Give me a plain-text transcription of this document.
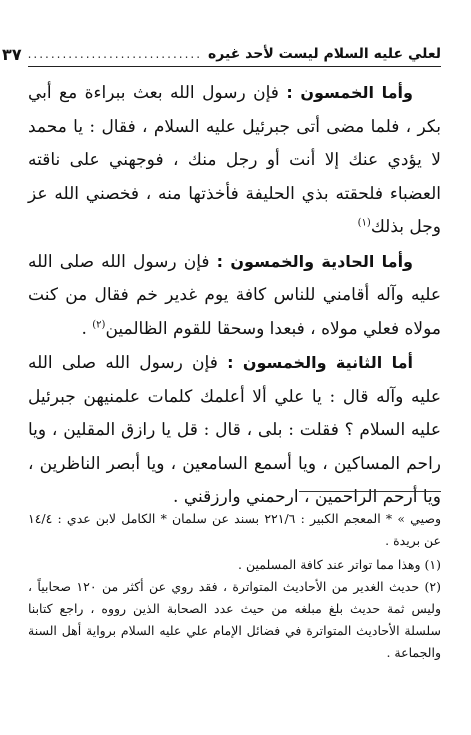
لعلي عليه السلام ليست لأحد غيره
..............................
٣٧

وأما الخمسون : فإن رسول الله بعث ببراءة مع أبي بكر ، فلما مضى أتى جبرئيل عليه السلام ، فقال : يا محمد لا يؤدي عنك إلا أنت أو رجل منك ، فوجهني على ناقته العضباء فلحقته بذي الحليفة فأخذتها منه ، فخصني الله عز وجل بذلك$^{(١)}$

وأما الحادية والخمسون : فإن رسول الله صلى الله عليه وآله أقامني للناس كافة يوم غدير خم فقال من كنت مولاه فعلي مولاه ، فبعدا وسحقا للقوم الظالمين$^{(٢)}$ .

أما الثانية والخمسون : فإن رسول الله صلى الله عليه وآله قال : يا علي ألا أعلمك كلمات علمنيهن جبرئيل عليه السلام ؟ فقلت : بلى ، قال : قل يا رازق المقلين ، ويا راحم المساكين ، ويا أسمع السامعين ، ويا أبصر الناظرين ، ويا أرحم الراحمين ، ارحمني وارزقني .

وصيي » * المعجم الكبير : ٢٢١/٦ بسند عن سلمان * الكامل لابن عدي : ١٤/٤ عن بريدة .

(١) وهذا مما تواتر عند كافة المسلمين .

(٢) حديث الغدير من الأحاديث المتواترة ، فقد روي عن أكثر من ١٢٠ صحابياً ، وليس ثمة حديث بلغ مبلغه من حيث عدد الصحابة الذين رووه ، راجع كتابنا سلسلة الأحاديث المتواترة في فضائل الإمام علي عليه السلام برواية أهل السنة والجماعة .
